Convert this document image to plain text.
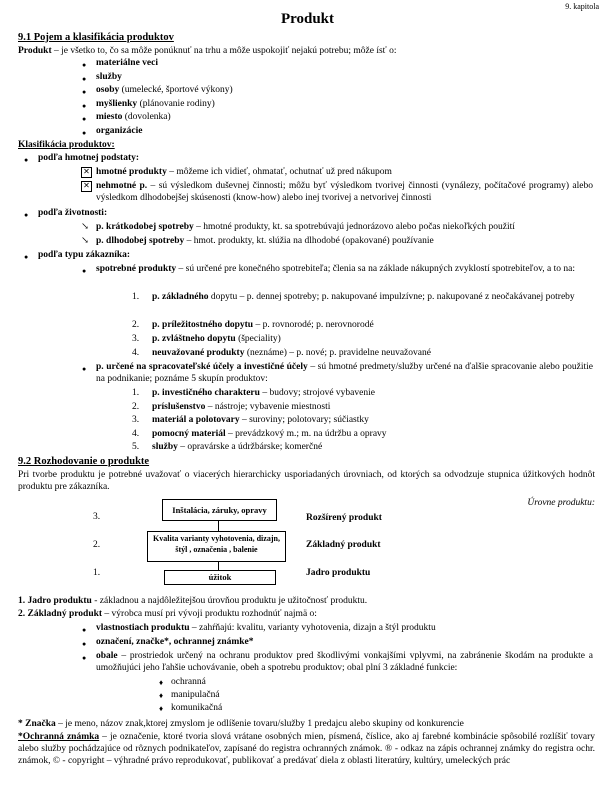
9. kapitola
Produkt
9.1 Pojem a klasifikácia produktov
Produkt – je všetko to, čo sa môže ponúknuť na trhu a môže uspokojiť nejakú potrebu; môže ísť o:
● materiálne veci
● služby
● osoby (umelecké, športové výkony)
● myšlienky (plánovanie rodiny)
● miesto (dovolenka)
● organizácie
Klasifikácia produktov:
● podľa hmotnej podstaty:
✕ hmotné produkty – môžeme ich vidieť, ohmatať, ochutnať už pred nákupom
✕ nehmotné p. – sú výsledkom duševnej činnosti; môžu byť výsledkom tvorivej činnosti (vynálezy, počítačové programy) alebo výsledkom dlhodobejšej skúsenosti (know-how) alebo inej tvorivej a netvorivej činnosti
● podľa životnosti:
↘ p. krátkodobej spotreby – hmotné produkty, kt. sa spotrebúvajú jednorázovo alebo počas niekoľkých použití
↘ p. dlhodobej spotreby – hmot. produkty, kt. slúžia na dlhodobé (opakované) používanie
● podľa typu zákazníka:
● spotrebné produkty – sú určené pre konečného spotrebiteľa; členia sa na základe nákupných zvyklostí spotrebiteľov, a to na:
1. p. základného dopytu – p. dennej spotreby; p. nakupované impulzívne; p. nakupované z neočakávanej potreby
2. p. príležitostného dopytu – p. rovnorodé; p. nerovnorodé
3. p. zvláštneho dopytu (špeciality)
4. neuvažované produkty (neznáme) – p. nové; p. pravidelne neuvažované
● p. určené na spracovateľské účely a investičné účely – sú hmotné predmety/služby určené na ďalšie spracovanie alebo použitie na podnikanie; poznáme 5 skupín produktov:
1. p. investičného charakteru – budovy; strojové vybavenie
2. príslušenstvo – nástroje; vybavenie miestnosti
3. materiál a polotovary – suroviny; polotovary; súčiastky
4. pomocný materiál – prevádzkový m.; m. na údržbu a opravy
5. služby – opravárske a údržbárske; komerčné
9.2 Rozhodovanie o produkte
Pri tvorbe produktu je potrebné uvažovať o viacerých hierarchicky usporiadaných úrovniach, od ktorých sa odvodzuje stupnica úžitkových hodnôt produktu pre zákazníka.
Úrovne produktu:
3.
Inštalácia, záruky, opravy
Rozšírený produkt
2.
Kvalita varianty vyhotovenia, dizajn, štýl , označenia , balenie	Základný produkt
1.	úžitok	Jadro produktu
1. Jadro produktu - základnou a najdôležitejšou úrovňou produktu je užitočnosť produktu.
2. Základný produkt – výrobca musí pri vývoji produktu rozhodnúť najmä o:
● vlastnostiach produktu – zahŕňajú: kvalitu, varianty vyhotovenia, dizajn a štýl produktu
● označení, značke*, ochrannej známke*
● obale – prostriedok určený na ochranu produktov pred škodlivými vonkajšími vplyvmi, na zabránenie škodám na produkte a umožňujúci jeho ľahšie uchovávanie, obeh a spotrebu produktov; obal plní 3 základné funkcie:
♦ ochranná
♦ manipulačná
♦ komunikačná
* Značka – je meno, názov znak,ktorej zmyslom je odlíšenie tovaru/služby 1 predajcu alebo skupiny od konkurencie
*Ochranná známka – je označenie, ktoré tvoria slová vrátane osobných mien, písmená, číslice, ako aj farebné kombinácie spôsobilé rozlíšiť tovary alebo služby pochádzajúce od rôznych podnikateľov, zapísané do registra ochranných známok. ® - odkaz na zápis ochrannej známky do registra ochr. známok, © - copyright – výhradné právo reprodukovať, publikovať a predávať diela z oblasti literatúry, kultúry, umeleckých prác
